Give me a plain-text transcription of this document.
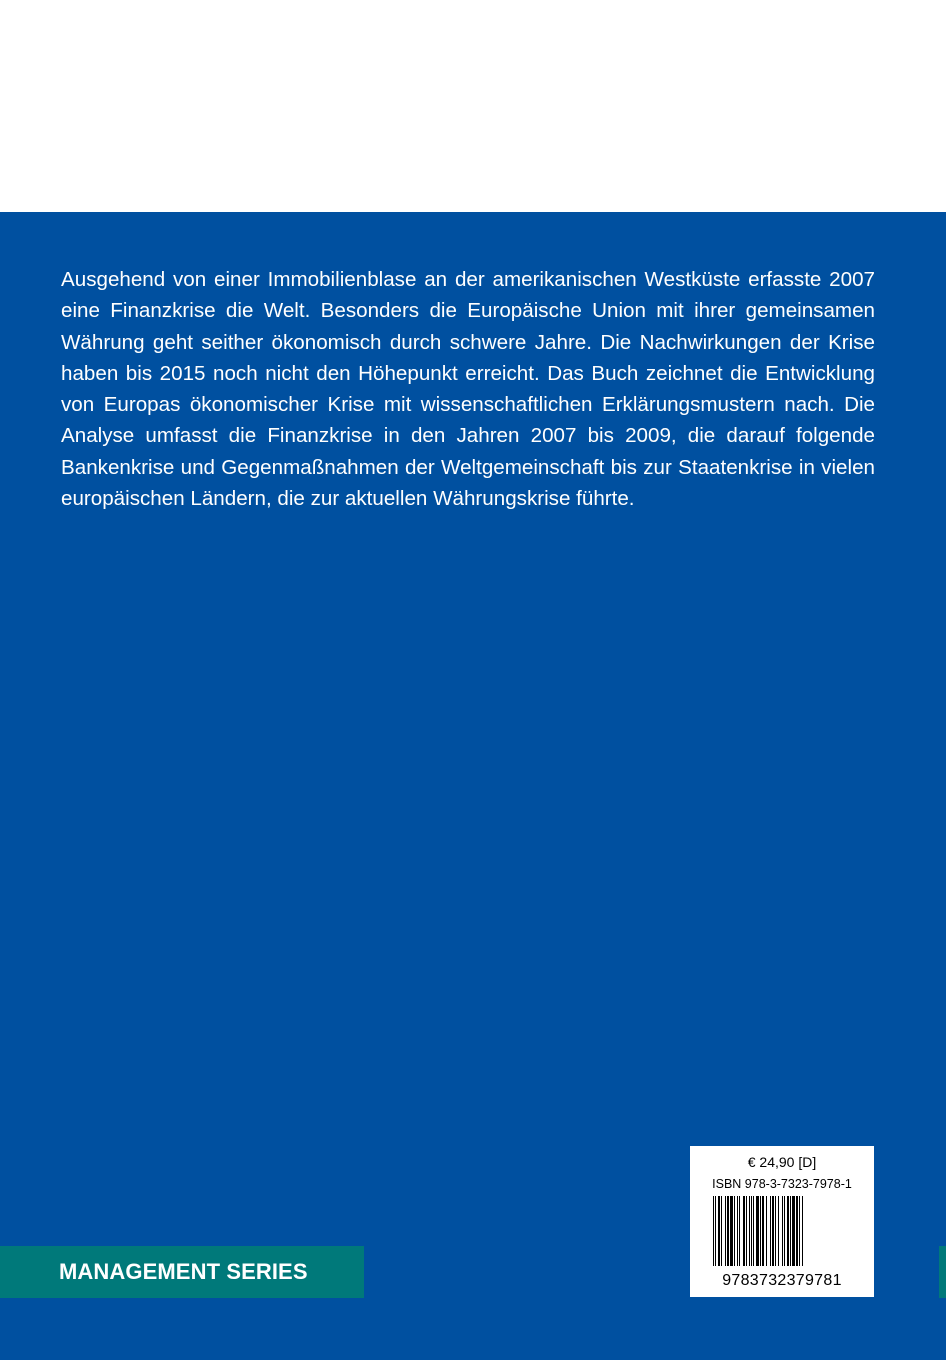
Ausgehend von einer Immobilienblase an der amerikanischen Westküste erfasste 2007 eine Finanzkrise die Welt. Besonders die Europäische Union mit ihrer gemeinsamen Währung geht seither ökonomisch durch schwere Jahre. Die Nachwirkungen der Krise haben bis 2015 noch nicht den Höhepunkt erreicht. Das Buch zeichnet die Entwicklung von Europas ökonomischer Krise mit wissenschaftlichen Erklärungsmustern nach. Die Analyse umfasst die Finanzkrise in den Jahren 2007 bis 2009, die darauf folgende Bankenkrise und Gegenmaßnahmen der Weltgemeinschaft bis zur Staatenkrise in vielen europäischen Ländern, die zur aktuellen Währungskrise führte.

MANAGEMENT SERIES
€ 24,90 [D]
ISBN 978-3-7323-7978-1
9783732379781
